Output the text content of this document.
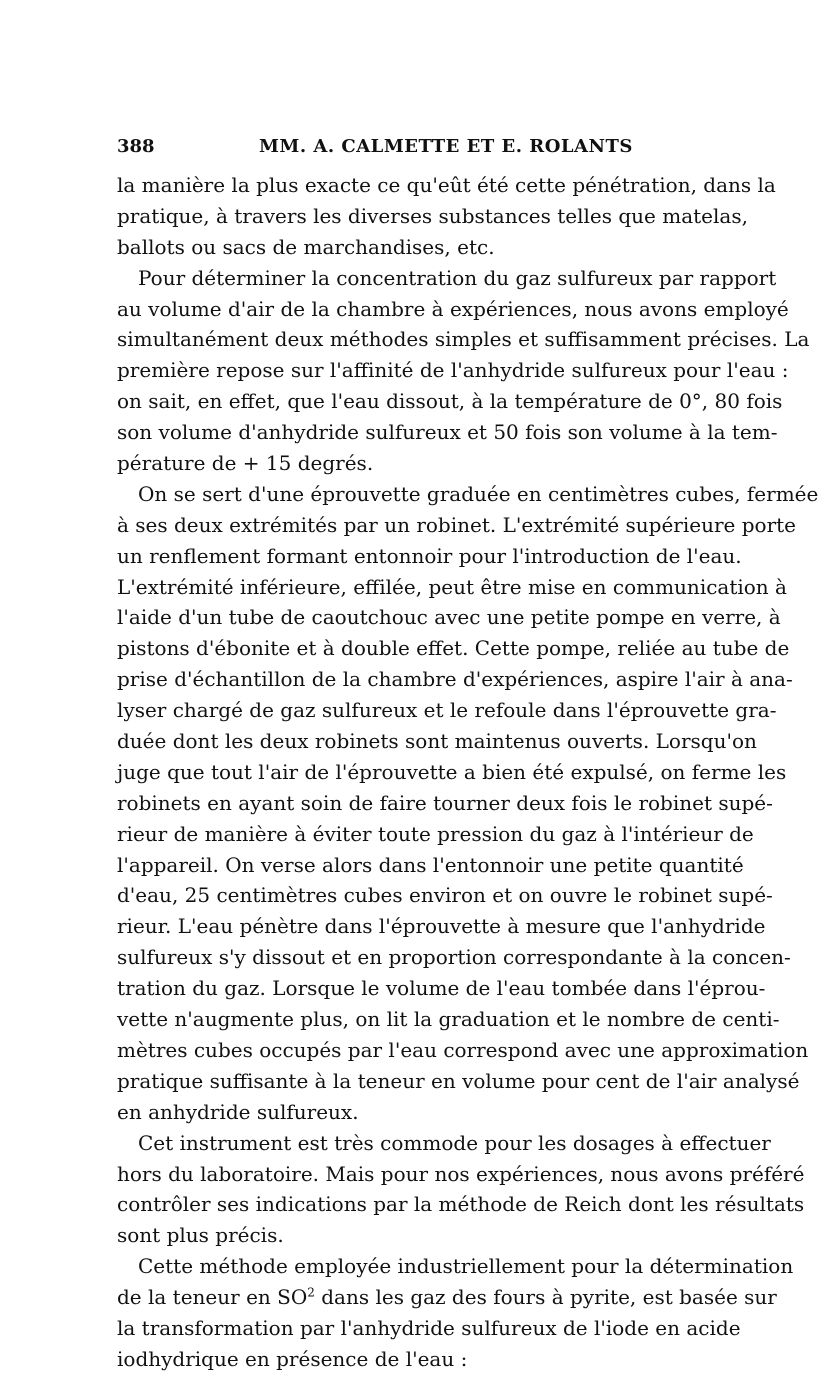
388	MM. A. CALMETTE ET E. ROLANTS
la manière la plus exacte ce qu'eût été cette pénétration, dans la
pratique, à travers les diverses substances telles que matelas,
ballots ou sacs de marchandises, etc.
Pour déterminer la concentration du gaz sulfureux par rapport
au volume d'air de la chambre à expériences, nous avons employé
simultanément deux méthodes simples et suffisamment précises. La
première repose sur l'affinité de l'anhydride sulfureux pour l'eau :
on sait, en effet, que l'eau dissout, à la température de 0°, 80 fois
son volume d'anhydride sulfureux et 50 fois son volume à la tem-
pérature de + 15 degrés.
On se sert d'une éprouvette graduée en centimètres cubes, fermée
à ses deux extrémités par un robinet. L'extrémité supérieure porte
un renflement formant entonnoir pour l'introduction de l'eau.
L'extrémité inférieure, effilée, peut être mise en communication à
l'aide d'un tube de caoutchouc avec une petite pompe en verre, à
pistons d'ébonite et à double effet. Cette pompe, reliée au tube de
prise d'échantillon de la chambre d'expériences, aspire l'air à ana-
lyser chargé de gaz sulfureux et le refoule dans l'éprouvette gra-
duée dont les deux robinets sont maintenus ouverts. Lorsqu'on
juge que tout l'air de l'éprouvette a bien été expulsé, on ferme les
robinets en ayant soin de faire tourner deux fois le robinet supé-
rieur de manière à éviter toute pression du gaz à l'intérieur de
l'appareil. On verse alors dans l'entonnoir une petite quantité
d'eau, 25 centimètres cubes environ et on ouvre le robinet supé-
rieur. L'eau pénètre dans l'éprouvette à mesure que l'anhydride
sulfureux s'y dissout et en proportion correspondante à la concen-
tration du gaz. Lorsque le volume de l'eau tombée dans l'éprou-
vette n'augmente plus, on lit la graduation et le nombre de centi-
mètres cubes occupés par l'eau correspond avec une approximation
pratique suffisante à la teneur en volume pour cent de l'air analysé
en anhydride sulfureux.
Cet instrument est très commode pour les dosages à effectuer
hors du laboratoire. Mais pour nos expériences, nous avons préféré
contrôler ses indications par la méthode de Reich dont les résultats
sont plus précis.
Cette méthode employée industriellement pour la détermination
de la teneur en $SO^2$ dans les gaz des fours à pyrite, est basée sur
la transformation par l'anhydride sulfureux de l'iode en acide
iodhydrique en présence de l'eau :
